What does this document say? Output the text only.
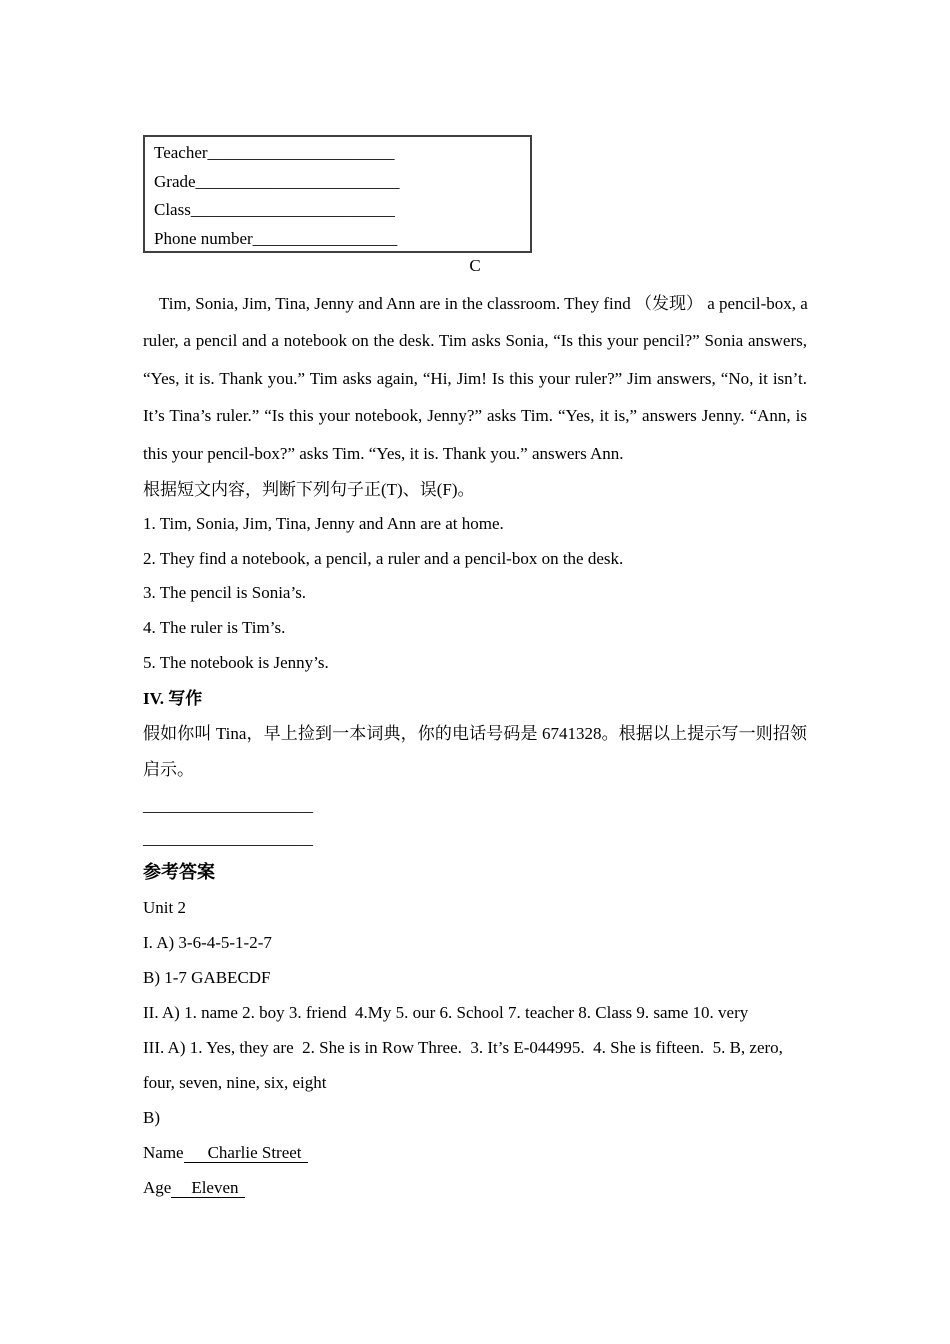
Teacher______________________
Grade________________________
Class________________________
Phone number_________________
C
Tim, Sonia, Jim, Tina, Jenny and Ann are in the classroom. They find （发现） a pencil-box, a
ruler, a pencil and a notebook on the desk. Tim asks Sonia, “Is this your pencil?” Sonia answers,
“Yes, it is. Thank you.” Tim asks again, “Hi, Jim! Is this your ruler?” Jim answers, “No, it isn’t.
It’s Tina’s ruler.” “Is this your notebook, Jenny?” asks Tim. “Yes, it is,” answers Jenny. “Ann, is
this your pencil-box?” asks Tim. “Yes, it is. Thank you.” answers Ann.
根据短文内容，判断下列句子正(T)、误(F)。
1. Tim, Sonia, Jim, Tina, Jenny and Ann are at home.
2. They find a notebook, a pencil, a ruler and a pencil-box on the desk.
3. The pencil is Sonia’s.
4. The ruler is Tim’s.
5. The notebook is Jenny’s.
IV. 写作
假如你叫 Tina，早上捡到一本词典，你的电话号码是 6741328。根据以上提示写一则招领
启示。
____________________
____________________
参考答案
Unit 2
I. A) 3-6-4-5-1-2-7
B) 1-7 GABECDF
II. A) 1. name 2. boy 3. friend  4.My 5. our 6. School 7. teacher 8. Class 9. same 10. very
III. A) 1. Yes, they are  2. She is in Row Three.  3. It’s E-044995.  4. She is fifteen.  5. B, zero,
four, seven, nine, six, eight
B)
Name Charlie Street
Age Eleven
